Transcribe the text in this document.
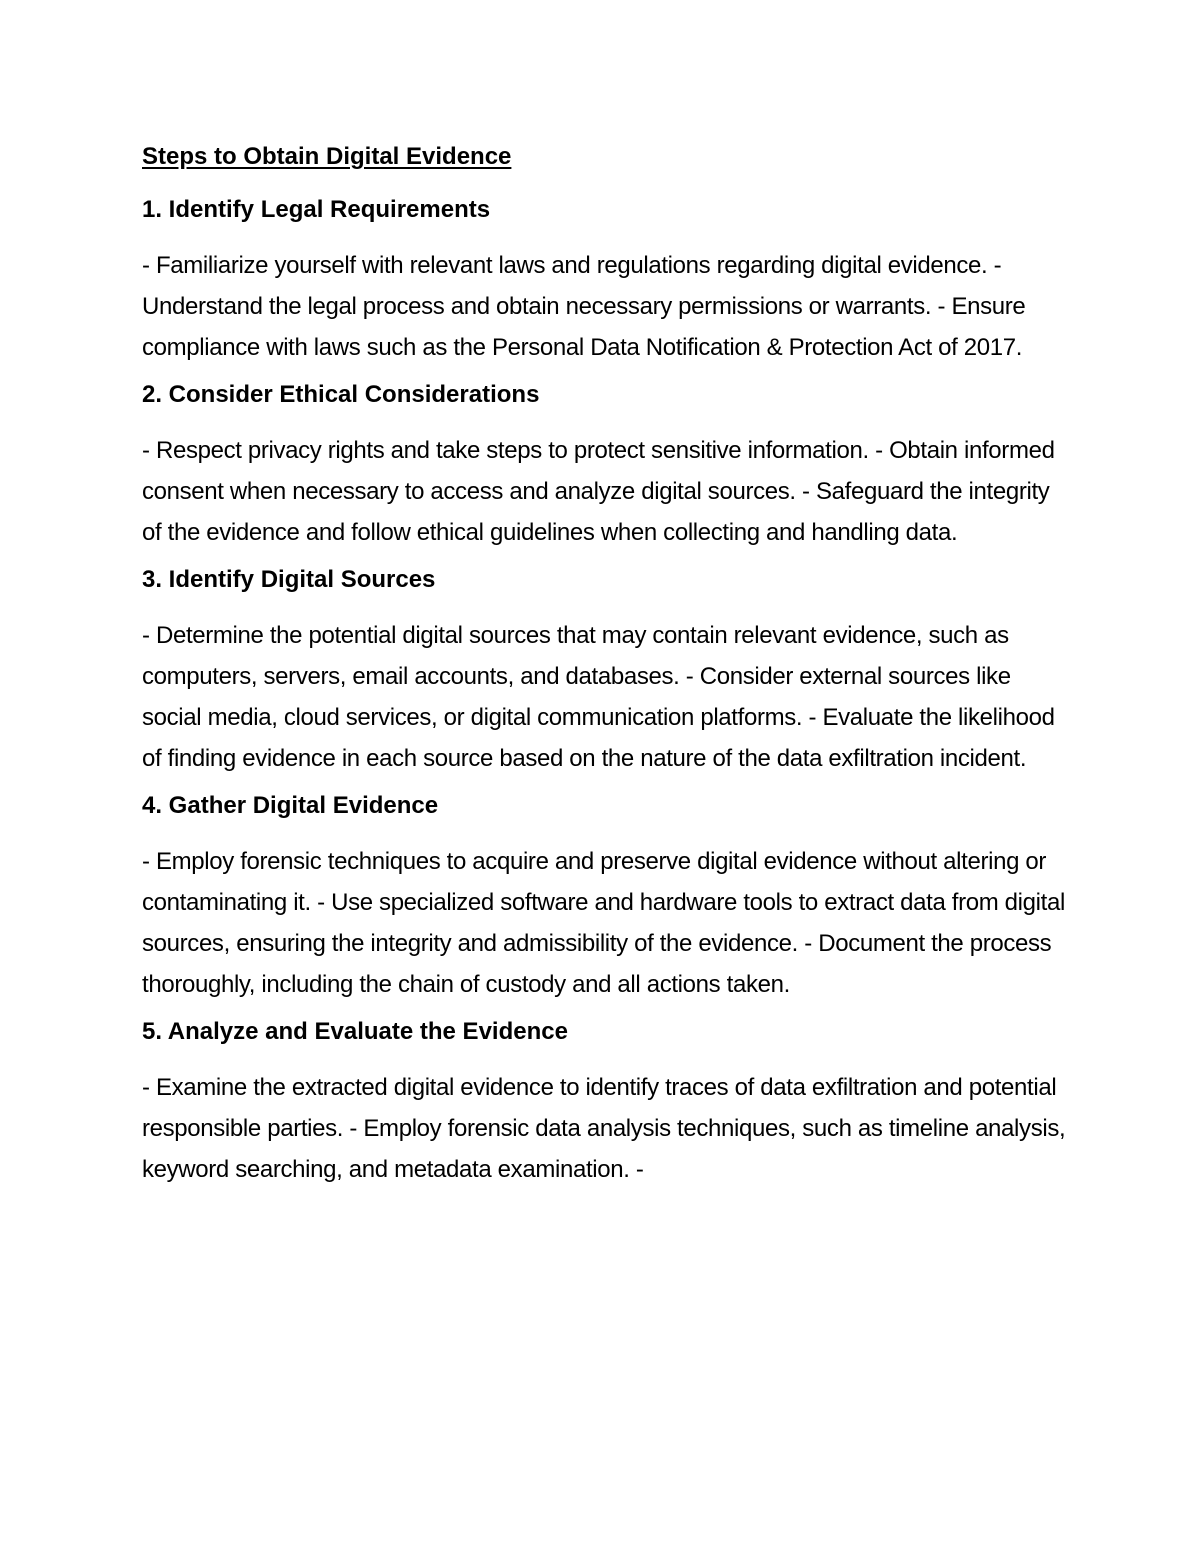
Steps to Obtain Digital Evidence
1. Identify Legal Requirements
- Familiarize yourself with relevant laws and regulations regarding digital evidence. - Understand the legal process and obtain necessary permissions or warrants. - Ensure compliance with laws such as the Personal Data Notification & Protection Act of 2017.
2. Consider Ethical Considerations
- Respect privacy rights and take steps to protect sensitive information. - Obtain informed consent when necessary to access and analyze digital sources. - Safeguard the integrity of the evidence and follow ethical guidelines when collecting and handling data.
3. Identify Digital Sources
- Determine the potential digital sources that may contain relevant evidence, such as computers, servers, email accounts, and databases. - Consider external sources like social media, cloud services, or digital communication platforms. - Evaluate the likelihood of finding evidence in each source based on the nature of the data exfiltration incident.
4. Gather Digital Evidence
- Employ forensic techniques to acquire and preserve digital evidence without altering or contaminating it. - Use specialized software and hardware tools to extract data from digital sources, ensuring the integrity and admissibility of the evidence. - Document the process thoroughly, including the chain of custody and all actions taken.
5. Analyze and Evaluate the Evidence
- Examine the extracted digital evidence to identify traces of data exfiltration and potential responsible parties. - Employ forensic data analysis techniques, such as timeline analysis, keyword searching, and metadata examination. -
